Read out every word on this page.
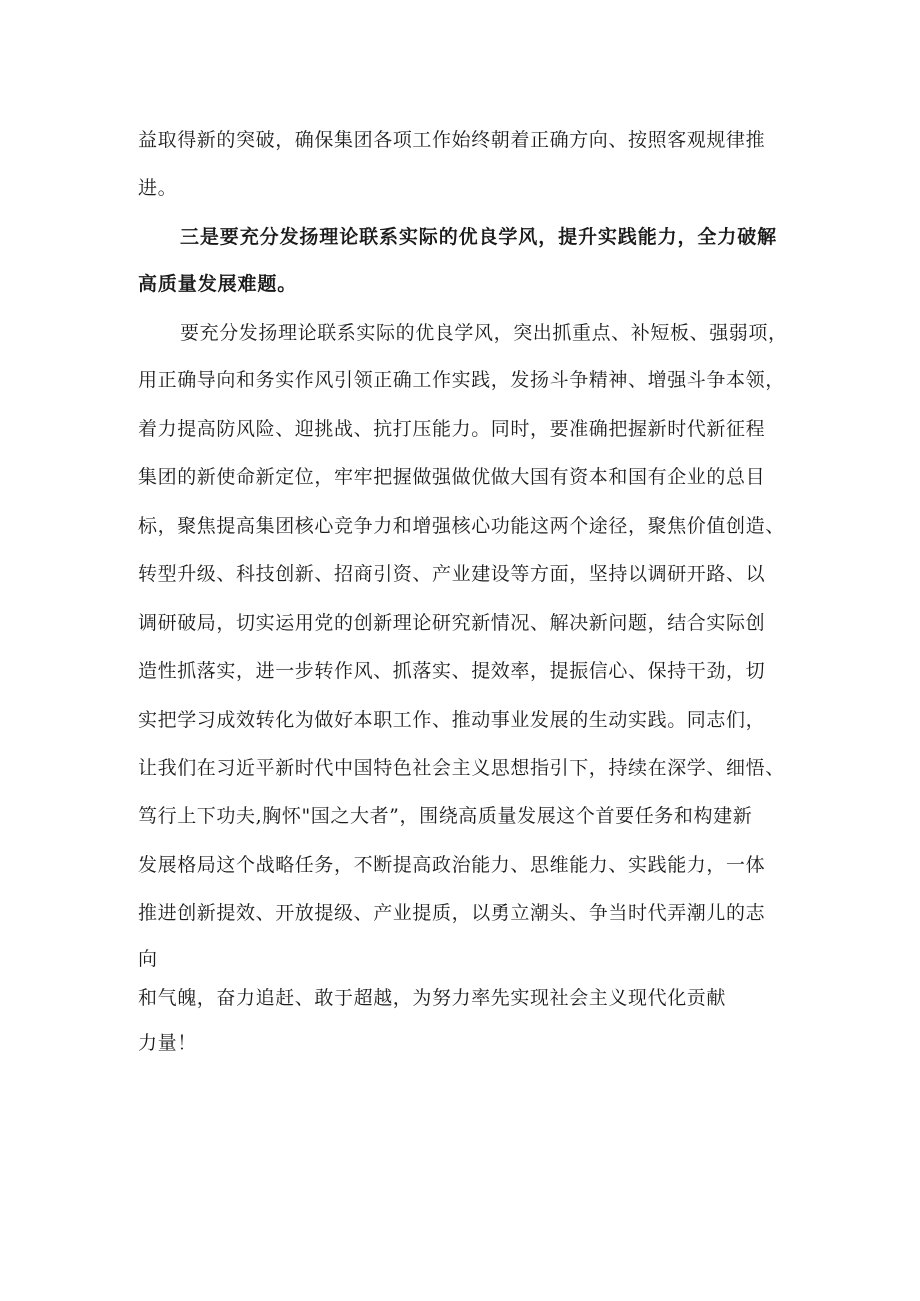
益取得新的突破，确保集团各项工作始终朝着正确方向、按照客观规律推
进。
三是要充分发扬理论联系实际的优良学风，提升实践能力，全力破解
高质量发展难题。
要充分发扬理论联系实际的优良学风，突出抓重点、补短板、强弱项，
用正确导向和务实作风引领正确工作实践，发扬斗争精神、增强斗争本领，
着力提高防风险、迎挑战、抗打压能力。同时，要准确把握新时代新征程
集团的新使命新定位，牢牢把握做强做优做大国有资本和国有企业的总目
标，聚焦提高集团核心竞争力和增强核心功能这两个途径，聚焦价值创造、
转型升级、科技创新、招商引资、产业建设等方面，坚持以调研开路、以
调研破局，切实运用党的创新理论研究新情况、解决新问题，结合实际创
造性抓落实，进一步转作风、抓落实、提效率，提振信心、保持干劲，切
实把学习成效转化为做好本职工作、推动事业发展的生动实践。同志们，
让我们在习近平新时代中国特色社会主义思想指引下，持续在深学、细悟、
笃行上下功夫,胸怀"国之大者”，围绕高质量发展这个首要任务和构建新
发展格局这个战略任务，不断提高政治能力、思维能力、实践能力，一体
推进创新提效、开放提级、产业提质，以勇立潮头、争当时代弄潮儿的志
向
和气魄，奋力追赶、敢于超越，为努力率先实现社会主义现代化贡献
力量！
